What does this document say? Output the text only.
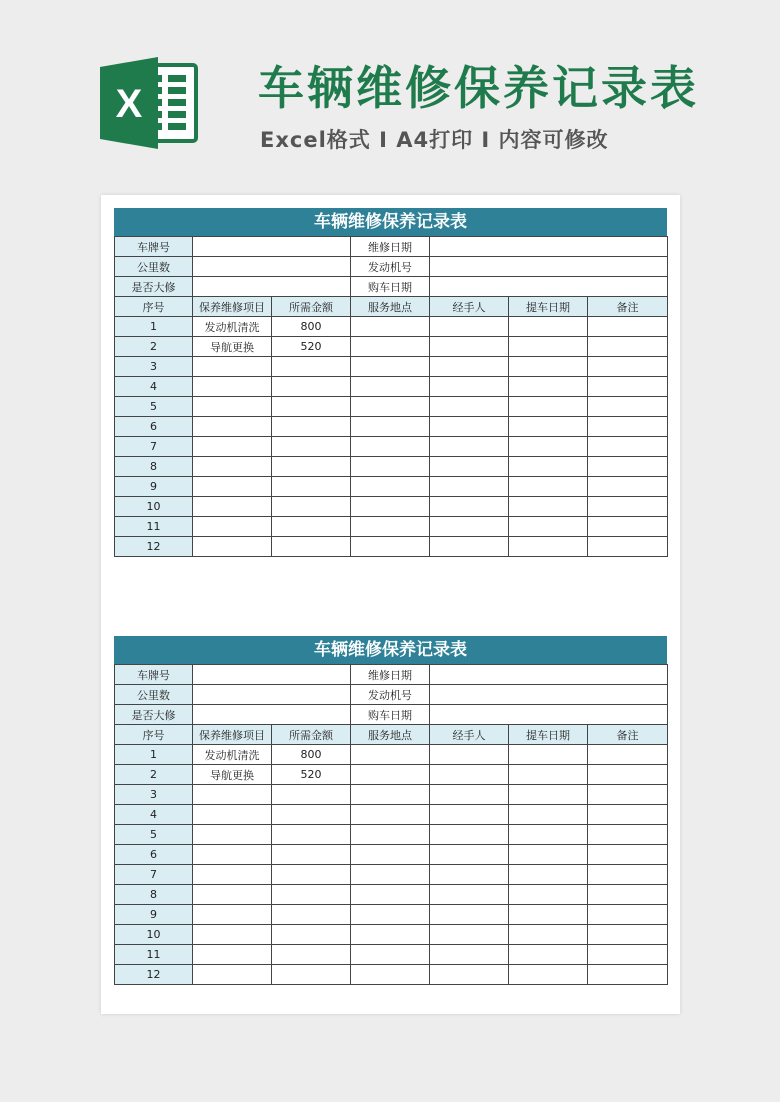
X	车辆维修保养记录表
Excel格式 I A4打印 I 内容可修改
车辆维修保养记录表
车牌号			维修日期			
公里数			发动机号			
是否大修			购车日期			
序号	保养维修项目	所需金额	服务地点	经手人	提车日期	备注
1	发动机清洗	800				
2	导航更换	520				
3						
4						
5						
6						
7						
8						
9						
10						
11						
12						
车辆维修保养记录表
车牌号			维修日期			
公里数			发动机号			
是否大修			购车日期			
序号	保养维修项目	所需金额	服务地点	经手人	提车日期	备注
1	发动机清洗	800				
2	导航更换	520				
3						
4						
5						
6						
7						
8						
9						
10						
11						
12						
